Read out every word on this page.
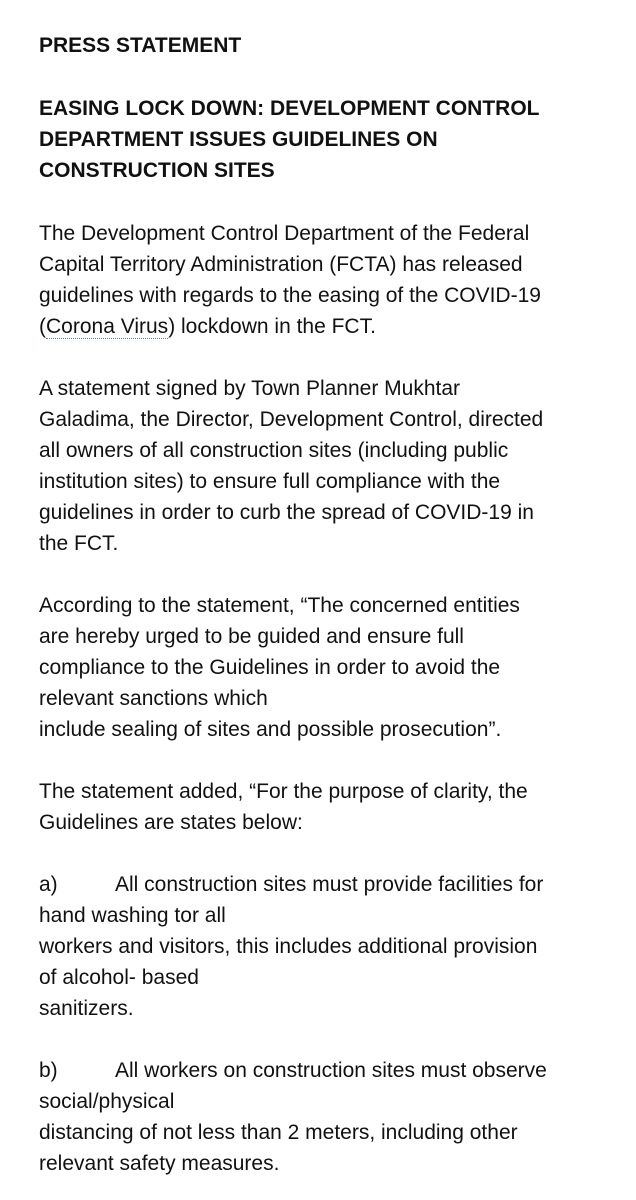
PRESS STATEMENT

EASING LOCK DOWN: DEVELOPMENT CONTROL

DEPARTMENT ISSUES GUIDELINES ON

CONSTRUCTION SITES

The Development Control Department of the Federal

Capital Territory Administration (FCTA) has released

guidelines with regards to the easing of the COVID-19

(Corona Virus) lockdown in the FCT.

A statement signed by Town Planner Mukhtar

Galadima, the Director, Development Control, directed

all owners of all construction sites (including public

institution sites) to ensure full compliance with the

guidelines in order to curb the spread of COVID-19 in

the FCT.

According to the statement, “The concerned entities

are hereby urged to be guided and ensure full

compliance to the Guidelines in order to avoid the

relevant sanctions which

include sealing of sites and possible prosecution”.

The statement added, “For the purpose of clarity, the

Guidelines are states below:

a)	All construction sites must provide facilities for

hand washing tor all

workers and visitors, this includes additional provision

of alcohol- based

sanitizers.

b)	All workers on construction sites must observe

social/physical

distancing of not less than 2 meters, including other

relevant safety measures.
